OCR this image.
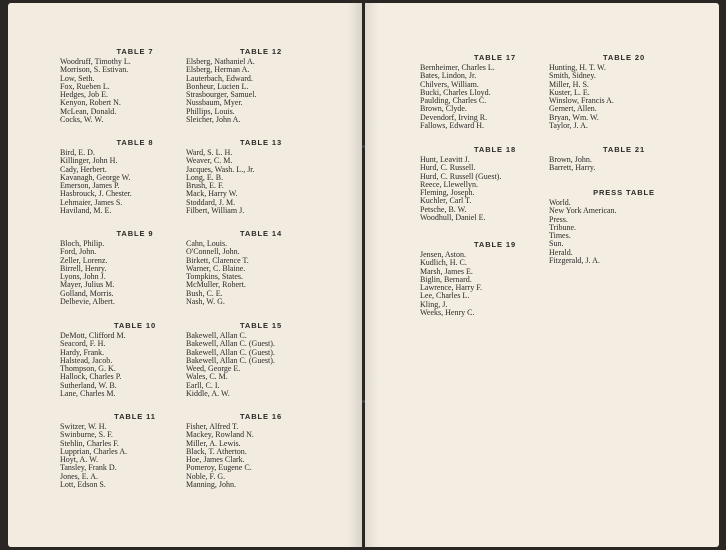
TABLE 7
Woodruff, Timothy L.
Morrison, S. Estivan.
Low, Seth.
Fox, Rueben L.
Hedges, Job E.
Kenyon, Robert N.
McLean, Donald.
Cocks, W. W.
TABLE 8
Bird, E. D.
Killinger, John H.
Cady, Herbert.
Kavanagh, George W.
Emerson, James P.
Hasbrouck, J. Chester.
Lehmaier, James S.
Haviland, M. E.
TABLE 9
Bloch, Philip.
Ford, John.
Zeller, Lorenz.
Birrell, Henry.
Lyons, John J.
Mayer, Julius M.
Golland, Morris.
Delbevie, Albert.
TABLE 10
DeMott, Clifford M.
Seacord, F. H.
Hardy, Frank.
Halstead, Jacob.
Thompson, G. K.
Hallock, Charles P.
Sutherland, W. B.
Lane, Charles M.
TABLE 11
Switzer, W. H.
Swinburne, S. F.
Stehlin, Charles F.
Lupprian, Charles A.
Hoyt, A. W.
Tansley, Frank D.
Jones, E. A.
Lott, Edson S.
TABLE 12
Elsberg, Nathaniel A.
Elsberg, Herman A.
Lauterbach, Edward.
Bonheur, Lucien L.
Strasbourger, Samuel.
Nussbaum, Myer.
Phillips, Louis.
Sleicher, John A.
TABLE 13
Ward, S. L. H.
Weaver, C. M.
Jacques, Wash. L., Jr.
Long, E. B.
Brush, E. F.
Mack, Harry W.
Stoddard, J. M.
Filbert, William J.
TABLE 14
Cahn, Louis.
O'Connell, John.
Birkett, Clarence T.
Warner, C. Blaine.
Tompkins, States.
McMuller, Robert.
Bush, C. E.
Nash, W. G.
TABLE 15
Bakewell, Allan C.
Bakewell, Allan C. (Guest).
Bakewell, Allan C. (Guest).
Bakewell, Allan C. (Guest).
Weed, George E.
Wales, C. M.
Earll, C. I.
Kiddle, A. W.
TABLE 16
Fisher, Alfred T.
Mackey, Rowland N.
Miller, A. Lewis.
Black, T. Atherton.
Hoe, James Clark.
Pomeroy, Eugene C.
Noble, F. G.
Manning, John.
TABLE 17
Bernheimer, Charles L.
Bates, Lindon, Jr.
Chilvers, William.
Bucki, Charles Lloyd.
Paulding, Charles C.
Brown, Clyde.
Devendorf, Irving R.
Fallows, Edward H.
TABLE 18
Hunt, Leavitt J.
Hurd, C. Russell.
Hurd, C. Russell (Guest).
Reece, Llewellyn.
Fleming, Joseph.
Kuchler, Carl T.
Petsche, B. W.
Woodhull, Daniel E.
TABLE 19
Jensen, Aston.
Kudlich, H. C.
Marsh, James E.
Biglin, Bernard.
Lawrence, Harry F.
Lee, Charles L.
Kling, J.
Weeks, Henry C.
TABLE 20
Hunting, H. T. W.
Smith, Sidney.
Miller, H. S.
Kuster, L. E.
Winslow, Francis A.
Gernert, Allen.
Bryan, Wm. W.
Taylor, J. A.
TABLE 21
Brown, John.
Barrett, Harry.
PRESS TABLE
World.
New York American.
Press.
Tribune.
Times.
Sun.
Herald.
Fitzgerald, J. A.
